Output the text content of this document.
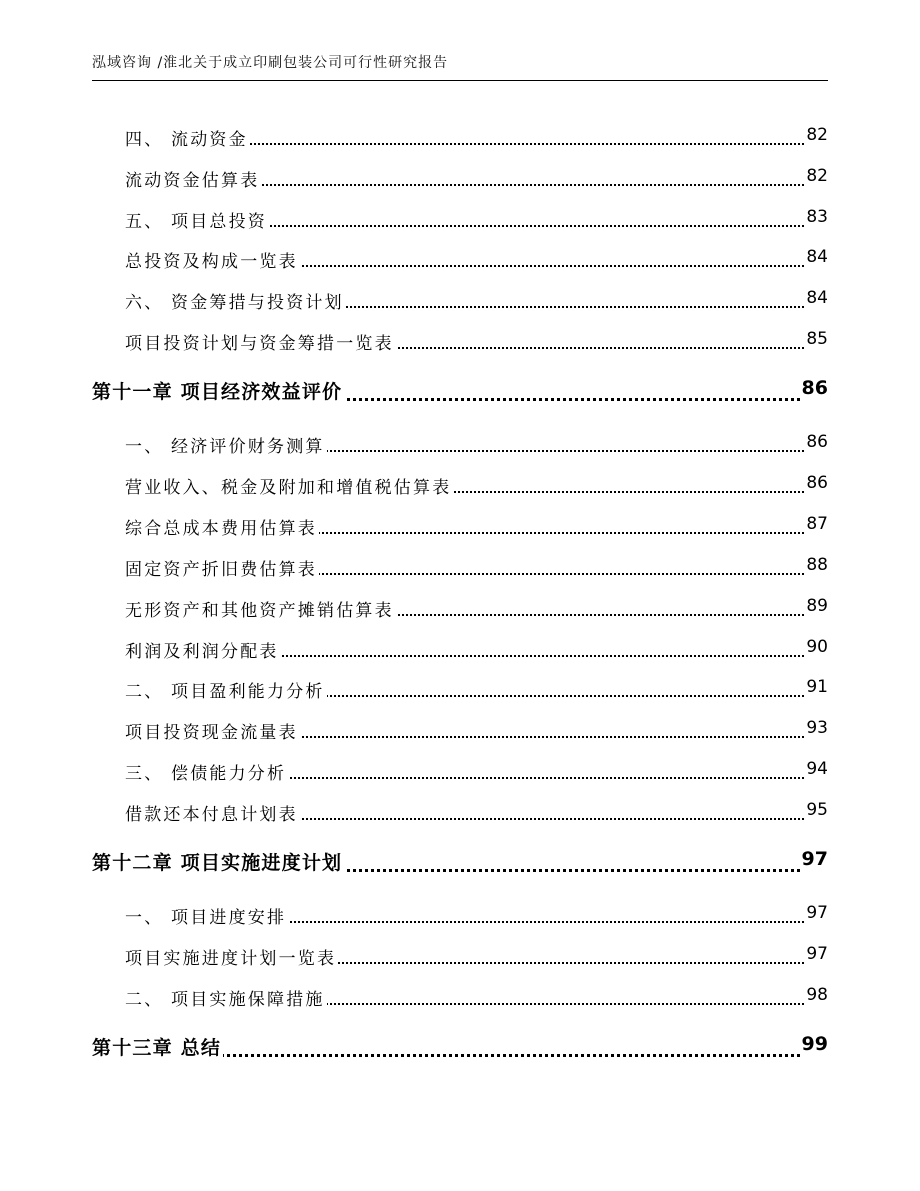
泓域咨询 /淮北关于成立印刷包装公司可行性研究报告
四、 流动资金	82
流动资金估算表	82
五、 项目总投资	83
总投资及构成一览表	84
六、 资金筹措与投资计划	84
项目投资计划与资金筹措一览表	85
第十一章 项目经济效益评价	86
一、 经济评价财务测算	86
营业收入、税金及附加和增值税估算表	86
综合总成本费用估算表	87
固定资产折旧费估算表	88
无形资产和其他资产摊销估算表	89
利润及利润分配表	90
二、 项目盈利能力分析	91
项目投资现金流量表	93
三、 偿债能力分析	94
借款还本付息计划表	95
第十二章 项目实施进度计划	97
一、 项目进度安排	97
项目实施进度计划一览表	97
二、 项目实施保障措施	98
第十三章 总结	99
